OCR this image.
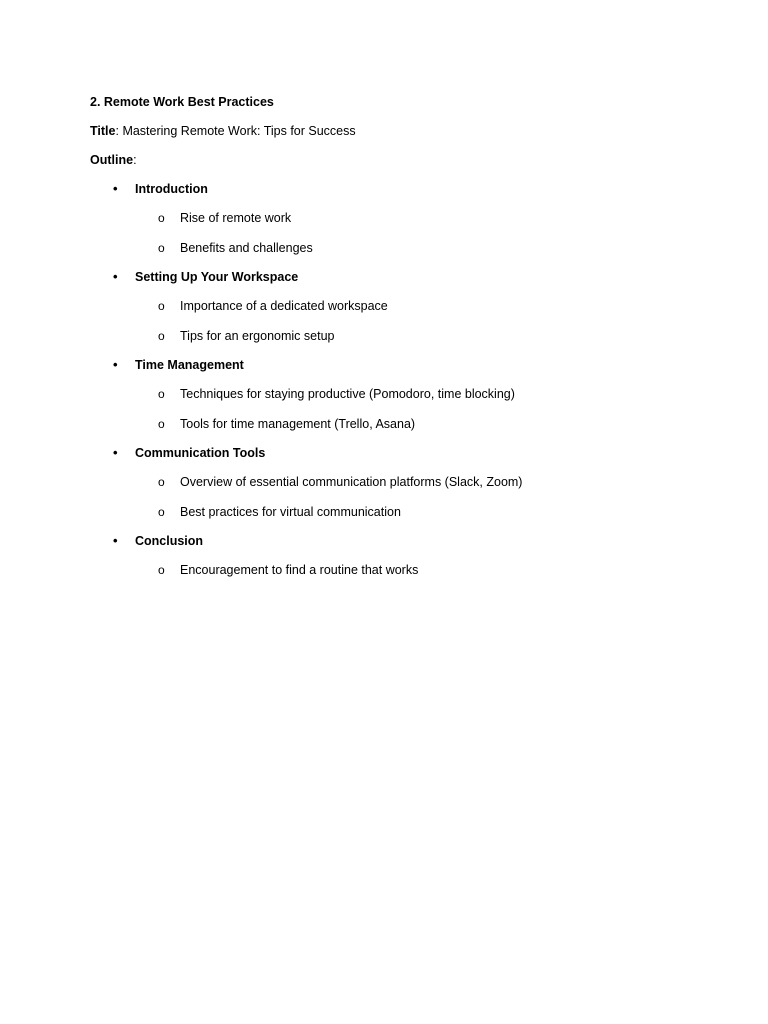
2. Remote Work Best Practices

Title: Mastering Remote Work: Tips for Success

Outline:

• Introduction
o Rise of remote work
o Benefits and challenges
• Setting Up Your Workspace
o Importance of a dedicated workspace
o Tips for an ergonomic setup
• Time Management
o Techniques for staying productive (Pomodoro, time blocking)
o Tools for time management (Trello, Asana)
• Communication Tools
o Overview of essential communication platforms (Slack, Zoom)
o Best practices for virtual communication
• Conclusion
o Encouragement to find a routine that works
